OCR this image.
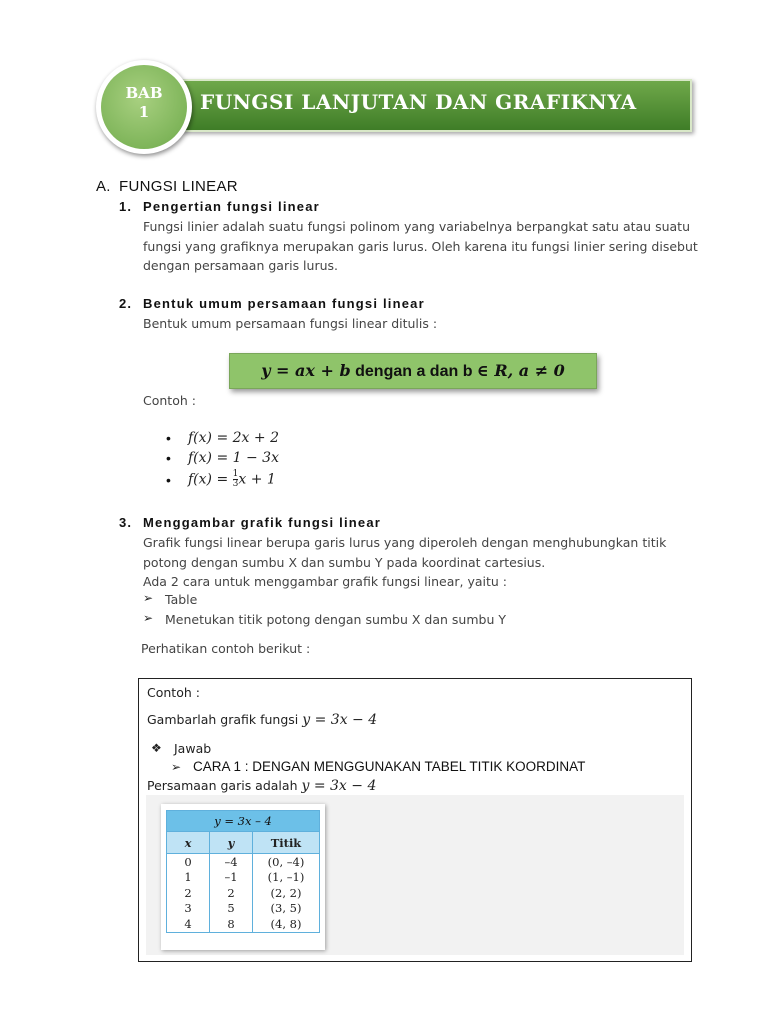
FUNGSI LANJUTAN DAN GRAFIKNYA
BAB
1
A. FUNGSI LINEAR
1. Pengertian fungsi linear
Fungsi linier adalah suatu fungsi polinom yang variabelnya berpangkat satu atau suatu
fungsi yang grafiknya merupakan garis lurus. Oleh karena itu fungsi linier sering disebut
dengan persamaan garis lurus.
2. Bentuk umum persamaan fungsi linear
Bentuk umum persamaan fungsi linear ditulis :
y = ax + b dengan a dan b ∈ R, a ≠ 0
Contoh :
• f(x) = 2x + 2
• f(x) = 1 − 3x
• $f(x) = \frac{1}{3}$ x + 1
3. Menggambar grafik fungsi linear
Grafik fungsi linear berupa garis lurus yang diperoleh dengan menghubungkan titik
potong dengan sumbu X dan sumbu Y pada koordinat cartesius.
Ada 2 cara untuk menggambar grafik fungsi linear, yaitu :
➢ Table
➢ Menetukan titik potong dengan sumbu X dan sumbu Y
Perhatikan contoh berikut :
Contoh :
Gambarlah grafik fungsi y = 3x − 4
❖ Jawab
➢ CARA 1 : DENGAN MENGGUNAKAN TABEL TITIK KOORDINAT
Persamaan garis adalah y = 3x − 4
y = 3x – 4		
x	y	Titik
0	–4	(0, –4)
1	–1	(1, –1)
2	2	(2, 2)
3	5	(3, 5)
4	8	(4, 8)
